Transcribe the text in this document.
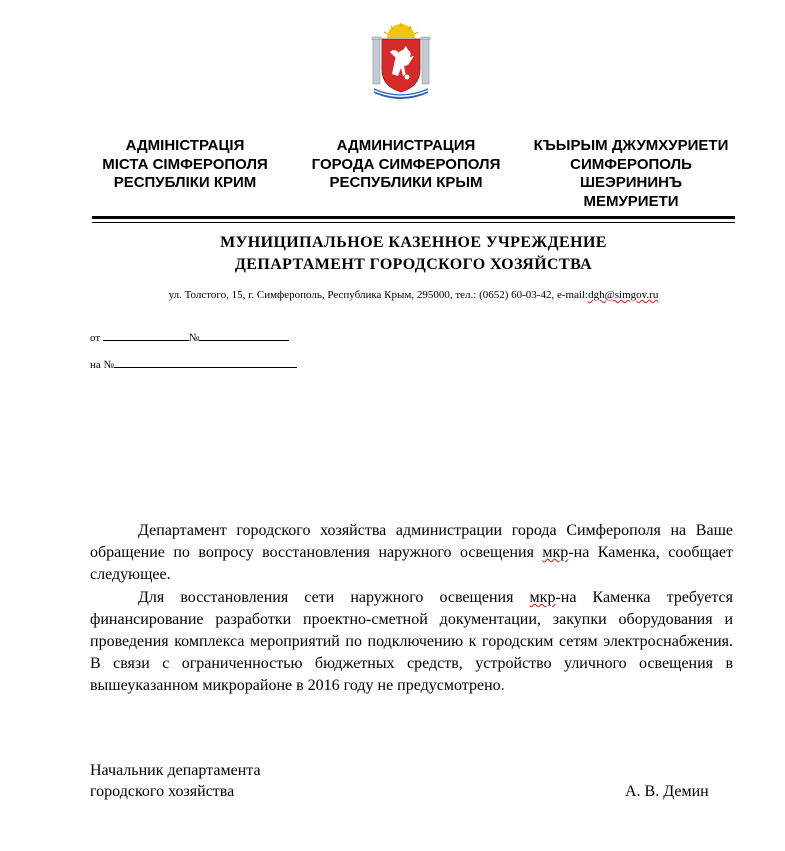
АДМІНІСТРАЦІЯ
МІСТА СІМФЕРОПОЛЯ
РЕСПУБЛІКИ КРИМ
АДМИНИСТРАЦИЯ
ГОРОДА СИМФЕРОПОЛЯ
РЕСПУБЛИКИ КРЫМ
КЪЫРЫМ ДЖУМХУРИЕТИ
СИМФЕРОПОЛЬ
ШЕЭРИНИНЪ
МЕМУРИЕТИ
МУНИЦИПАЛЬНОЕ КАЗЕННОЕ УЧРЕЖДЕНИЕ
ДЕПАРТАМЕНТ ГОРОДСКОГО ХОЗЯЙСТВА
ул. Толстого, 15, г. Симферополь, Республика Крым, 295000, тел.: (0652) 60-03-42, e-mail:dgh@simgov.ru
от	№
на №

Департамент городского хозяйства администрации города Симферополя на Ваше обращение по вопросу восстановления наружного освещения мкр-на Каменка, сообщает следующее.

Для восстановления сети наружного освещения мкр-на Каменка требуется финансирование разработки проектно-сметной документации, закупки оборудования и проведения комплекса мероприятий по подключению к городским сетям электроснабжения. В связи с ограниченностью бюджетных средств, устройство уличного освещения в вышеуказанном микрорайоне в 2016 году не предусмотрено.

Начальник департамента
городского хозяйства	А. В. Демин
